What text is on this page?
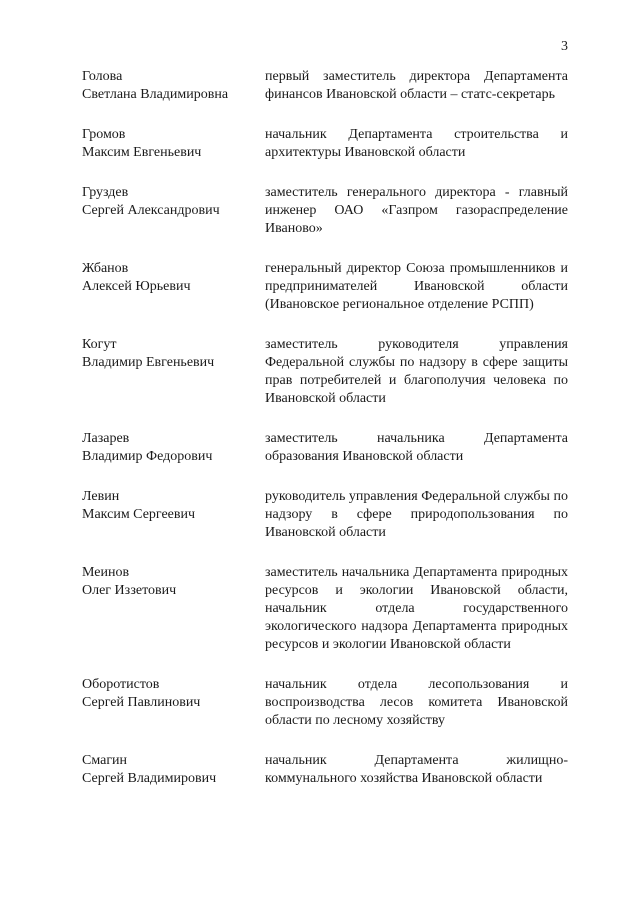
3
Голова
Светлана Владимировна
первый заместитель директора Департамента финансов Ивановской области – статс-секретарь
Громов
Максим Евгеньевич
начальник Департамента строительства и архитектуры Ивановской области
Груздев
Сергей Александрович
заместитель генерального директора - главный инженер ОАО «Газпром газораспределение Иваново»
Жбанов
Алексей Юрьевич
генеральный директор Союза промышленников и предпринимателей Ивановской области (Ивановское региональное отделение РСПП)
Когут
Владимир Евгеньевич
заместитель руководителя управления Федеральной службы по надзору в сфере защиты прав потребителей и благополучия человека по Ивановской области
Лазарев
Владимир Федорович
заместитель начальника Департамента образования Ивановской области
Левин
Максим Сергеевич
руководитель управления Федеральной службы по надзору в сфере природопользования по Ивановской области
Меинов
Олег Иззетович
заместитель начальника Департамента природных ресурсов и экологии Ивановской области, начальник отдела государственного экологического надзора Департамента природных ресурсов и экологии Ивановской области
Оборотистов
Сергей Павлинович
начальник отдела лесопользования и воспроизводства лесов комитета Ивановской области по лесному хозяйству
Смагин
Сергей Владимирович
начальник Департамента жилищно-коммунального хозяйства Ивановской области
